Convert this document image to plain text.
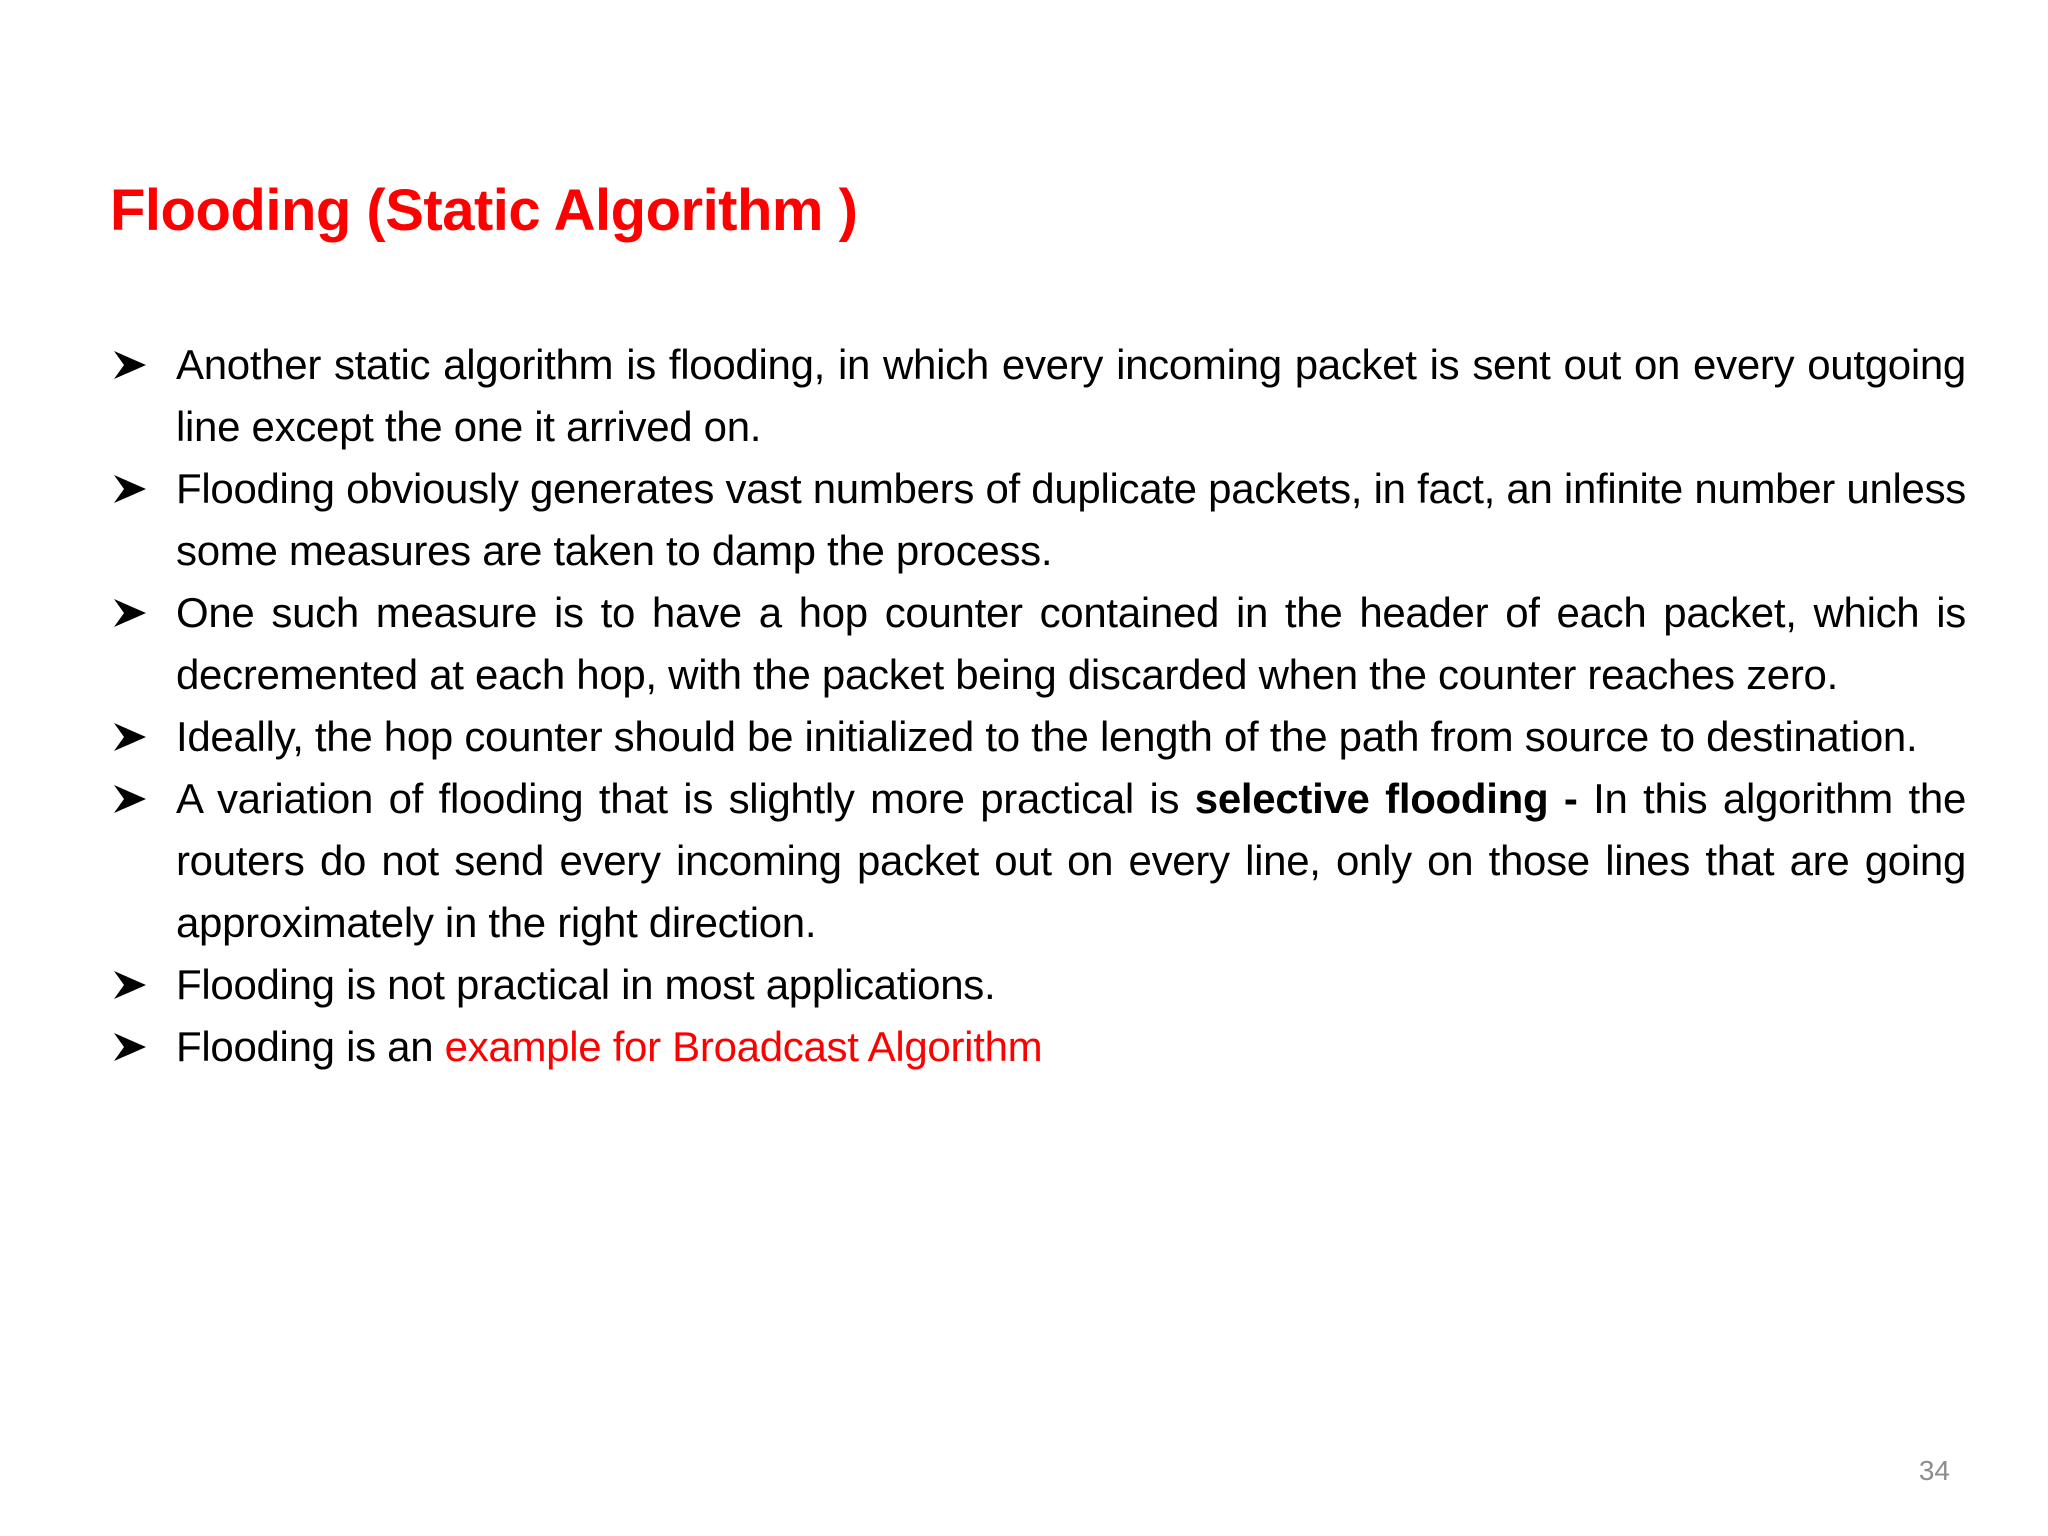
Flooding (Static Algorithm )
Another static algorithm is flooding, in which every incoming packet is sent out on every outgoing line except the one it arrived on.
Flooding obviously generates vast numbers of duplicate packets, in fact, an infinite number unless some measures are taken to damp the process.
One such measure is to have a hop counter contained in the header of each packet, which is decremented at each hop, with the packet being discarded when the counter reaches zero.
Ideally, the hop counter should be initialized to the length of the path from source to destination.
A variation of flooding that is slightly more practical is selective flooding - In this algorithm the routers do not send every incoming packet out on every line, only on those lines that are going approximately in the right direction.
Flooding is not practical in most applications.
Flooding is an example for Broadcast Algorithm
34
